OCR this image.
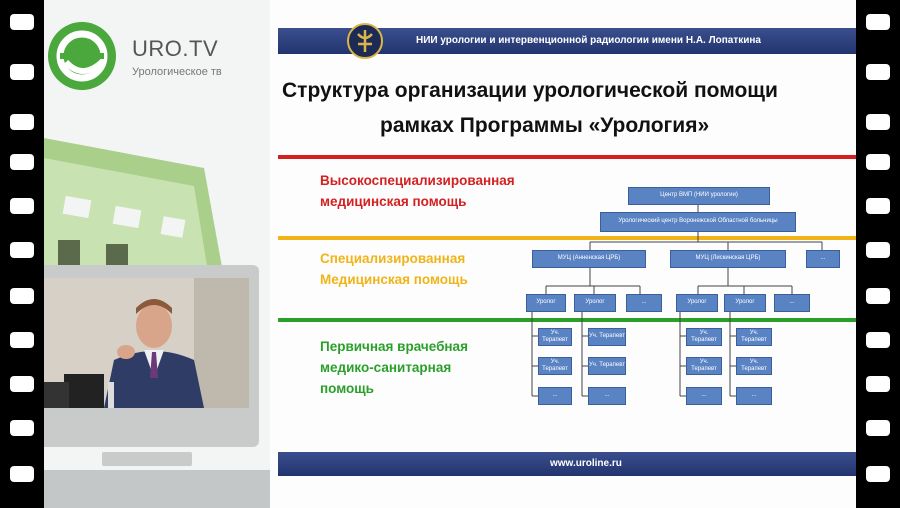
URO.TV
Урологическое тв
НИИ урологии и интервенционной радиологии имени Н.А. Лопаткина
Структура организации урологической помощи
рамках Программы «Урология»
Высокоспециализированная медицинская помощь
Специализированная Медицинская помощь
Первичная врачебная медико-санитарная помощь
Центр ВМП (НИИ урологии)
Урологический центр Воронежской Областной больницы
МУЦ (Анненская ЦРБ)	МУЦ (Лискинская ЦРБ)	...
Уролог	Уролог	...	Уролог	Уролог	...
Уч. Терапевт
Уч. Терапевт
...
Уч. Терапевт
Уч. Терапевт
...
Уч. Терапевт
Уч. Терапевт
...
Уч. Терапевт
Уч. Терапевт
...
www.uroline.ru
